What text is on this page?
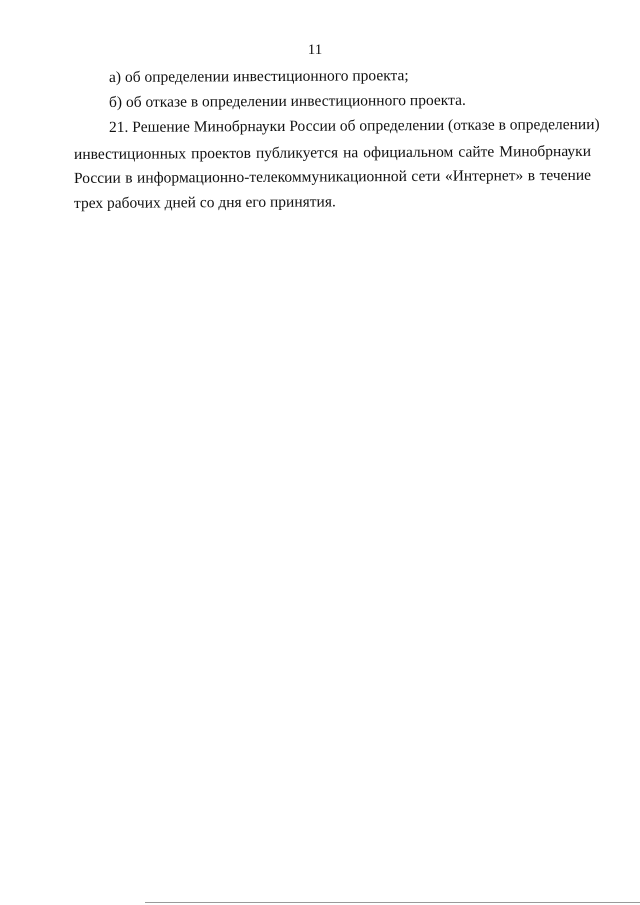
11
а) об определении инвестиционного проекта;
б) об отказе в определении инвестиционного проекта.
21. Решение Минобрнауки России об определении (отказе в определении)
инвестиционных проектов публикуется на официальном сайте Минобрнауки
России в информационно-телекоммуникационной сети «Интернет» в течение
трех рабочих дней со дня его принятия.
